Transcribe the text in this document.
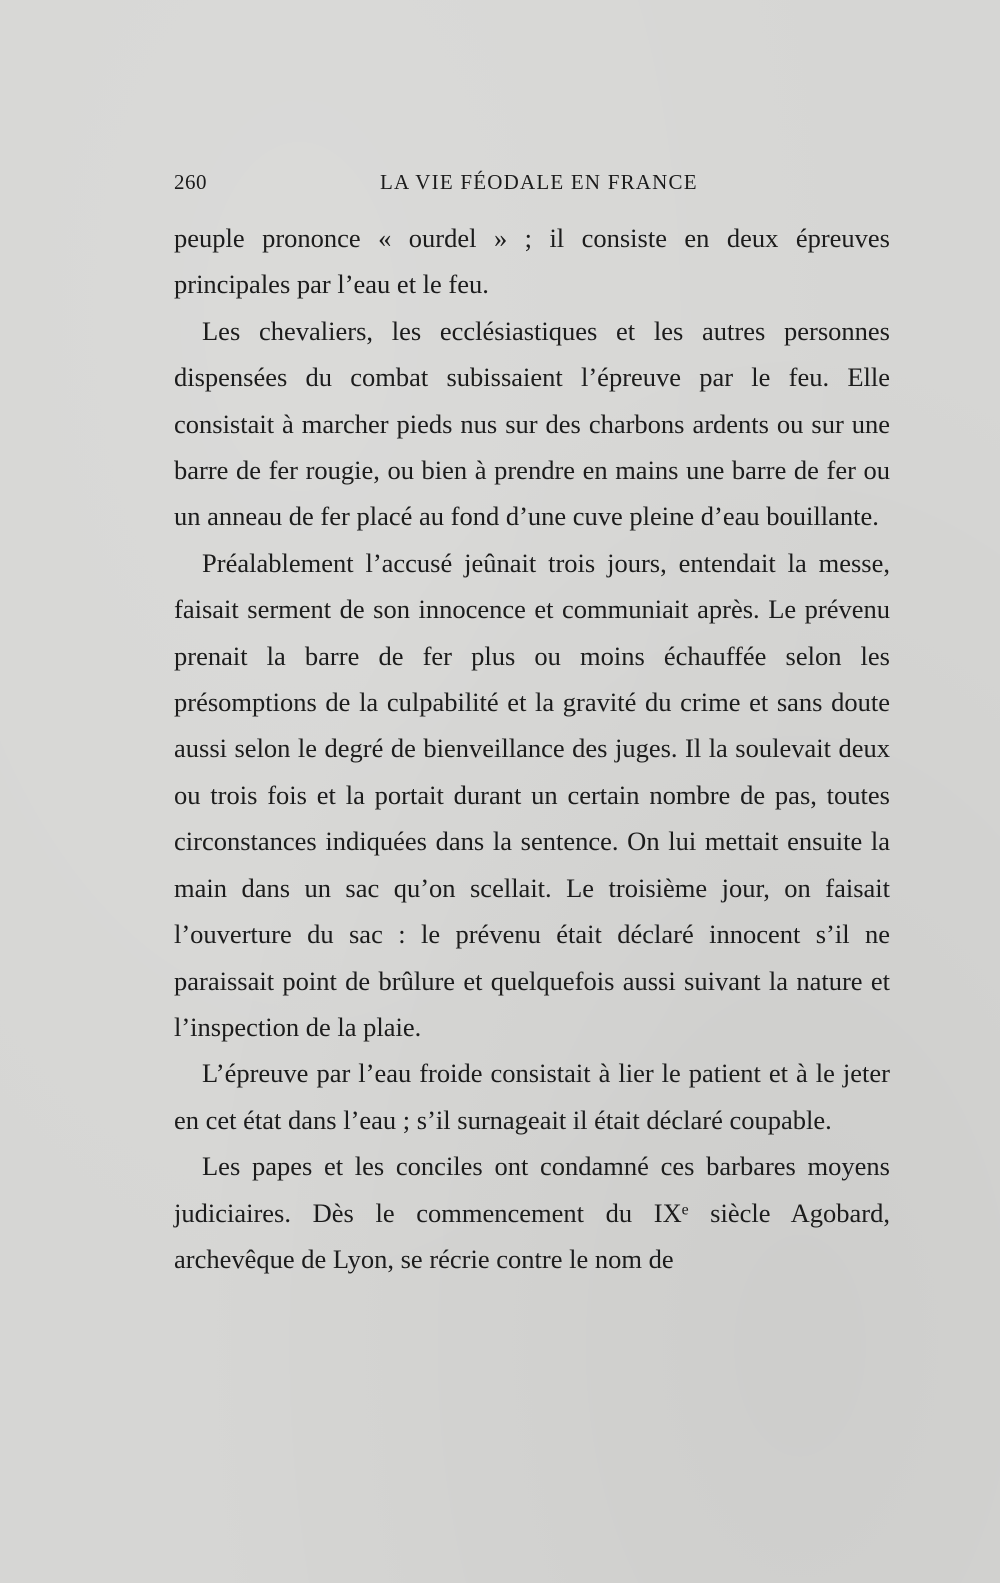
260	LA VIE FÉODALE EN FRANCE

peuple prononce « ourdel » ; il consiste en deux épreuves principales par l’eau et le feu.

Les chevaliers, les ecclésiastiques et les autres personnes dispensées du combat subissaient l’épreuve par le feu. Elle consistait à marcher pieds nus sur des charbons ardents ou sur une barre de fer rougie, ou bien à prendre en mains une barre de fer ou un anneau de fer placé au fond d’une cuve pleine d’eau bouillante.

Préalablement l’accusé jeûnait trois jours, entendait la messe, faisait serment de son innocence et communiait après. Le prévenu prenait la barre de fer plus ou moins échauffée selon les présomptions de la culpabilité et la gravité du crime et sans doute aussi selon le degré de bienveillance des juges. Il la soulevait deux ou trois fois et la portait durant un certain nombre de pas, toutes circonstances indiquées dans la sentence. On lui mettait ensuite la main dans un sac qu’on scellait. Le troisième jour, on faisait l’ouverture du sac : le prévenu était déclaré innocent s’il ne paraissait point de brûlure et quelquefois aussi suivant la nature et l’inspection de la plaie.

L’épreuve par l’eau froide consistait à lier le patient et à le jeter en cet état dans l’eau ; s’il surnageait il était déclaré coupable.

Les papes et les conciles ont condamné ces barbares moyens judiciaires. Dès le commencement du IXᵉ siècle Agobard, archevêque de Lyon, se récrie contre le nom de
